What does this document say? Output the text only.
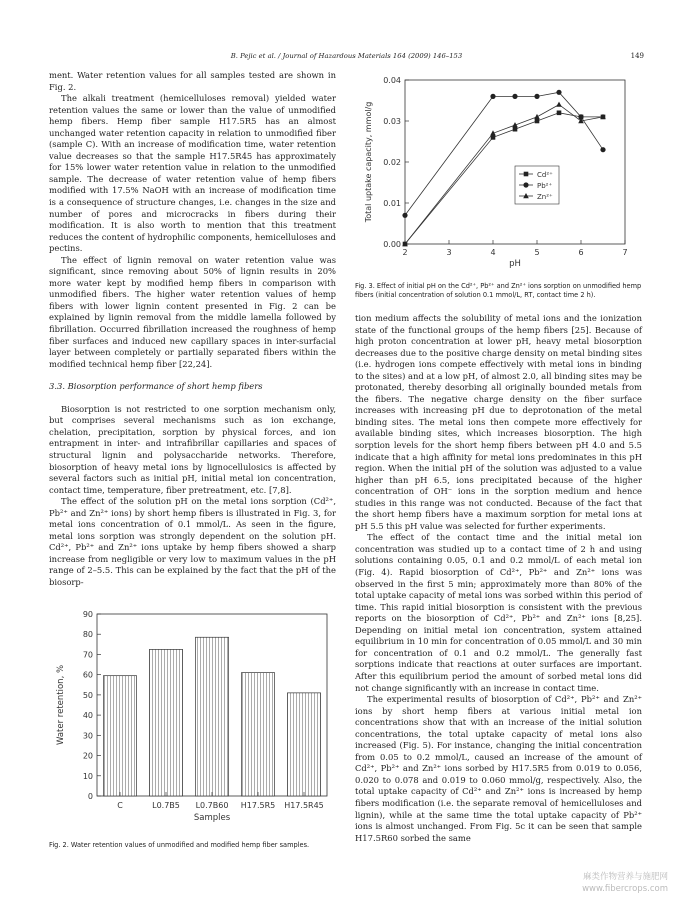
B. Pejic et al. / Journal of Hazardous Materials 164 (2009) 146–153	149

ment. Water retention values for all samples tested are shown in Fig. 2.

The alkali treatment (hemicelluloses removal) yielded water retention values the same or lower than the value of unmodified hemp fibers. Hemp fiber sample H17.5R5 has an almost unchanged water retention capacity in relation to unmodified fiber (sample C). With an increase of modification time, water retention value decreases so that the sample H17.5R45 has approximately for 15% lower water retention value in relation to the unmodified sample. The decrease of water retention value of hemp fibers modified with 17.5% NaOH with an increase of modification time is a consequence of structure changes, i.e. changes in the size and number of pores and microcracks in fibers during their modification. It is also worth to mention that this treatment reduces the content of hydrophilic components, hemicelluloses and pectins.

The effect of lignin removal on water retention value was significant, since removing about 50% of lignin results in 20% more water kept by modified hemp fibers in comparison with unmodified fibers. The higher water retention values of hemp fibers with lower lignin content presented in Fig. 2 can be explained by lignin removal from the middle lamella followed by fibrillation. Occurred fibrillation increased the roughness of hemp fiber surfaces and induced new capillary spaces in inter-surfacial layer between completely or partially separated fibers within the modified technical hemp fiber [22,24].

3.3. Biosorption performance of short hemp fibers

Biosorption is not restricted to one sorption mechanism only, but comprises several mechanisms such as ion exchange, chelation, precipitation, sorption by physical forces, and ion entrapment in inter- and intrafibrillar capillaries and spaces of structural lignin and polysaccharide networks. Therefore, biosorption of heavy metal ions by lignocellulosics is affected by several factors such as initial pH, initial metal ion concentration, contact time, temperature, fiber pretreatment, etc. [7,8].

The effect of the solution pH on the metal ions sorption (Cd²⁺, Pb²⁺ and Zn²⁺ ions) by short hemp fibers is illustrated in Fig. 3, for metal ions concentration of 0.1 mmol/L. As seen in the figure, metal ions sorption was strongly dependent on the solution pH. Cd²⁺, Pb²⁺ and Zn²⁺ ions uptake by hemp fibers showed a sharp increase from negligible or very low to maximum values in the pH range of 2–5.5. This can be explained by the fact that the pH of the biosorp-

2	3	4	5	6	7
0.00
0.01
0.02
0.03
0.04
pH
Total uptake capacity, mmol/g	Cd²⁺
Pb²⁺
Zn²⁺
Fig. 3. Effect of initial pH on the Cd²⁺, Pb²⁺ and Zn²⁺ ions sorption on unmodified hemp fibers (initial concentration of solution 0.1 mmol/L, RT, contact time 2 h).

tion medium affects the solubility of metal ions and the ionization state of the functional groups of the hemp fibers [25]. Because of high proton concentration at lower pH, heavy metal biosorption decreases due to the positive charge density on metal binding sites (i.e. hydrogen ions compete effectively with metal ions in binding to the sites) and at a low pH, of almost 2.0, all binding sites may be protonated, thereby desorbing all originally bounded metals from the fibers. The negative charge density on the fiber surface increases with increasing pH due to deprotonation of the metal binding sites. The metal ions then compete more effectively for available binding sites, which increases biosorption. The high sorption levels for the short hemp fibers between pH 4.0 and 5.5 indicate that a high affinity for metal ions predominates in this pH region. When the initial pH of the solution was adjusted to a value higher than pH 6.5, ions precipitated because of the higher concentration of OH⁻ ions in the sorption medium and hence studies in this range was not conducted. Because of the fact that the short hemp fibers have a maximum sorption for metal ions at pH 5.5 this pH value was selected for further experiments.

The effect of the contact time and the initial metal ion concentration was studied up to a contact time of 2 h and using solutions containing 0.05, 0.1 and 0.2 mmol/L of each metal ion (Fig. 4). Rapid biosorption of Cd²⁺, Pb²⁺ and Zn²⁺ ions was observed in the first 5 min; approximately more than 80% of the total uptake capacity of metal ions was sorbed within this period of time. This rapid initial biosorption is consistent with the previous reports on the biosorption of Cd²⁺, Pb²⁺ and Zn²⁺ ions [8,25]. Depending on initial metal ion concentration, system attained equilibrium in 10 min for concentration of 0.05 mmol/L and 30 min for concentration of 0.1 and 0.2 mmol/L. The generally fast sorptions indicate that reactions at outer surfaces are important. After this equilibrium period the amount of sorbed metal ions did not change significantly with an increase in contact time.

The experimental results of biosorption of Cd²⁺, Pb²⁺ and Zn²⁺ ions by short hemp fibers at various initial metal ion concentrations show that with an increase of the initial solution concentrations, the total uptake capacity of metal ions also increased (Fig. 5). For instance, changing the initial concentration from 0.05 to 0.2 mmol/L, caused an increase of the amount of Cd²⁺, Pb²⁺ and Zn²⁺ ions sorbed by H17.5R5 from 0.019 to 0.056, 0.020 to 0.078 and 0.019 to 0.060 mmol/g, respectively. Also, the total uptake capacity of Cd²⁺ and Zn²⁺ ions is increased by hemp fibers modification (i.e. the separate removal of hemicelluloses and lignin), while at the same time the total uptake capacity of Pb²⁺ ions is almost unchanged. From Fig. 5c it can be seen that sample H17.5R60 sorbed the same

0
10
20
30
40
50
60
70
80
90
C	L0.7B5 L0.7B60 H17.5R5 H17.5R45
Samples
Water retention, %
Fig. 2. Water retention values of unmodified and modified hemp fiber samples.
麻类作物营养与施肥网
www.fibercrops.com
